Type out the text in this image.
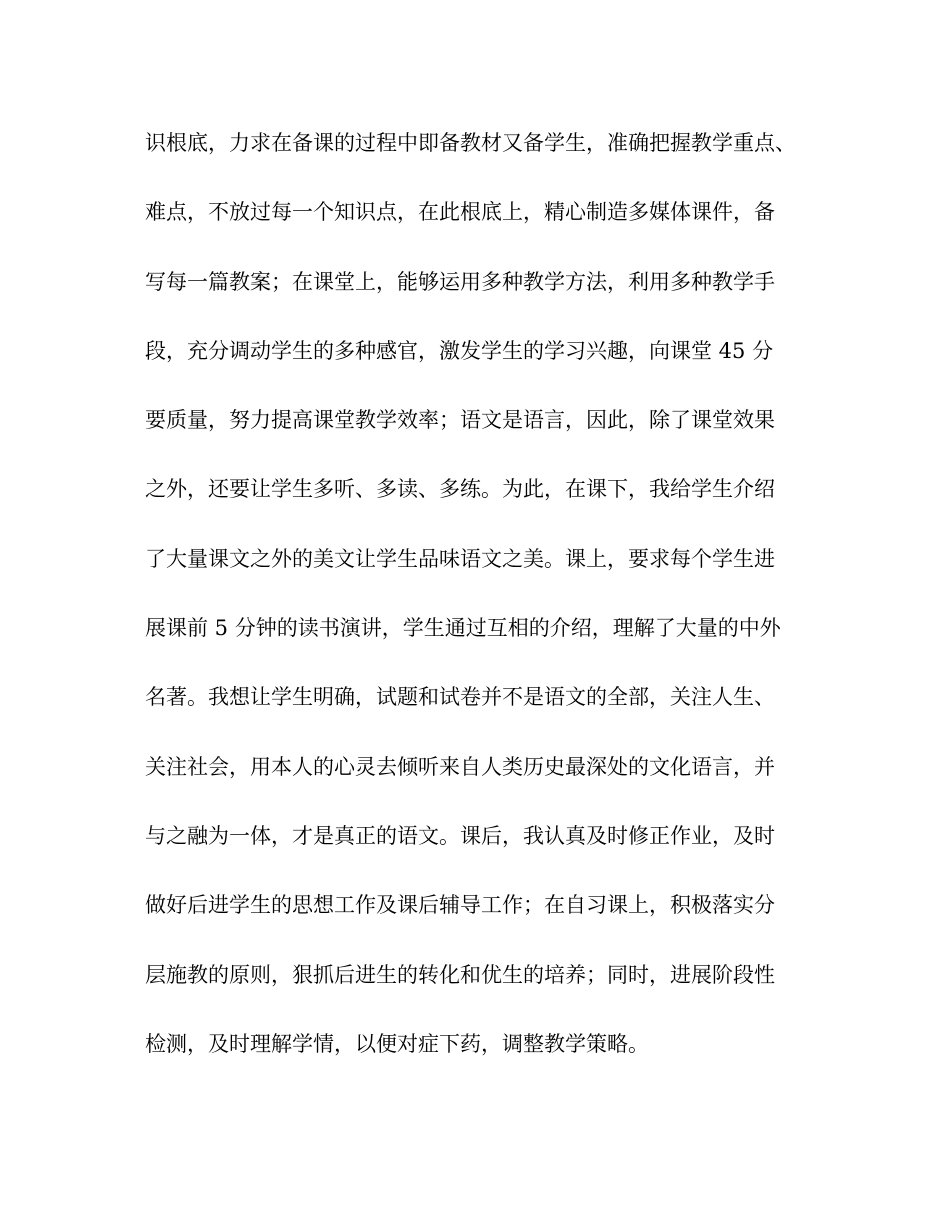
识根底，力求在备课的过程中即备教材又备学生，准确把握教学重点、
难点，不放过每一个知识点，在此根底上，精心制造多媒体课件，备
写每一篇教案；在课堂上，能够运用多种教学方法，利用多种教学手
段，充分调动学生的多种感官，激发学生的学习兴趣，向课堂 45 分
要质量，努力提高课堂教学效率；语文是语言，因此，除了课堂效果
之外，还要让学生多听、多读、多练。为此，在课下，我给学生介绍
了大量课文之外的美文让学生品味语文之美。课上，要求每个学生进
展课前 5 分钟的读书演讲，学生通过互相的介绍，理解了大量的中外
名著。我想让学生明确，试题和试卷并不是语文的全部，关注人生、
关注社会，用本人的心灵去倾听来自人类历史最深处的文化语言，并
与之融为一体，才是真正的语文。课后，我认真及时修正作业，及时
做好后进学生的思想工作及课后辅导工作；在自习课上，积极落实分
层施教的原则，狠抓后进生的转化和优生的培养；同时，进展阶段性
检测，及时理解学情，以便对症下药，调整教学策略。
